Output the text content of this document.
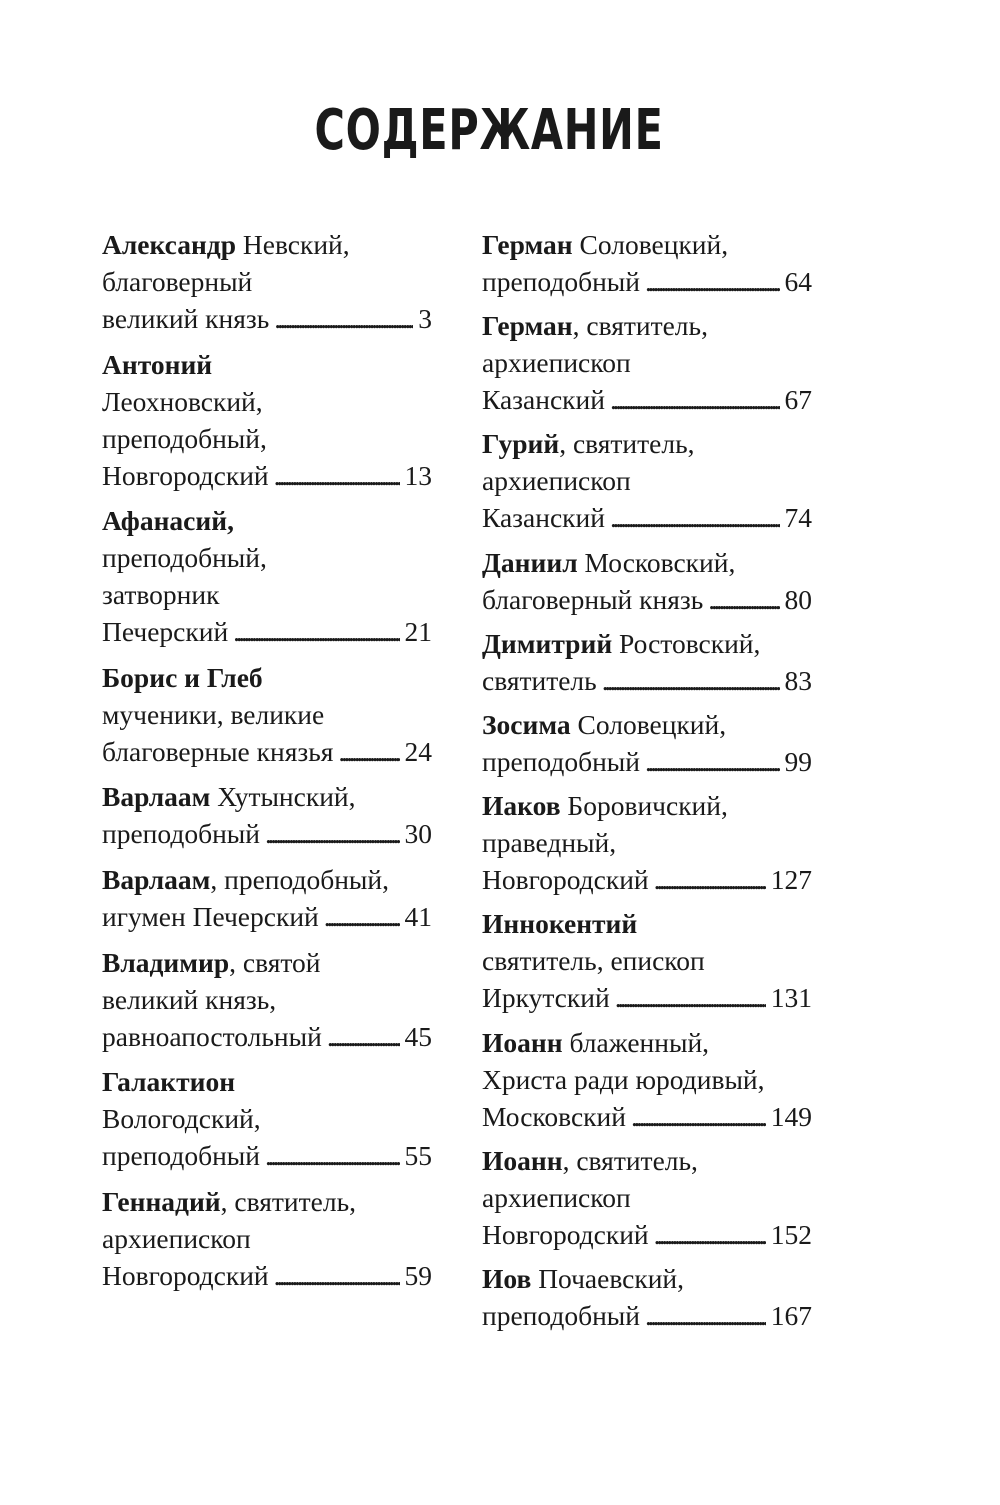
СОДЕРЖАНИЕ
Александр Невский,
благоверный
великий князь . . .	3
Антоний
Леохновский,
преподобный,
Новгородский . . .	13
Афанасий,
преподобный,
затворник
Печерский . . .	21
Борис и Глеб
мученики, великие
благоверные князья . . .	24
Варлаам Хутынский,
преподобный . . .	30
Варлаам, преподобный,
игумен Печерский . . .	41
Владимир, святой
великий князь,
равноапостольный . . .	45
Галактион
Вологодский,
преподобный . . .	55
Геннадий, святитель,
архиепископ
Новгородский . . .	59
Герман Соловецкий,
преподобный . . .	64
Герман, святитель,
архиепископ
Казанский . . .	67
Гурий, святитель,
архиепископ
Казанский . . .	74
Даниил Московский,
благоверный князь . . .	80
Димитрий Ростовский,
святитель . . .	83
Зосима Соловецкий,
преподобный . . .	99
Иаков Боровичский,
праведный,
Новгородский . . .	127
Иннокентий
святитель, епископ
Иркутский . . .	131
Иоанн блаженный,
Христа ради юродивый,
Московский . . .	149
Иоанн, святитель,
архиепископ
Новгородский . . .	152
Иов Почаевский,
преподобный . . .	167
